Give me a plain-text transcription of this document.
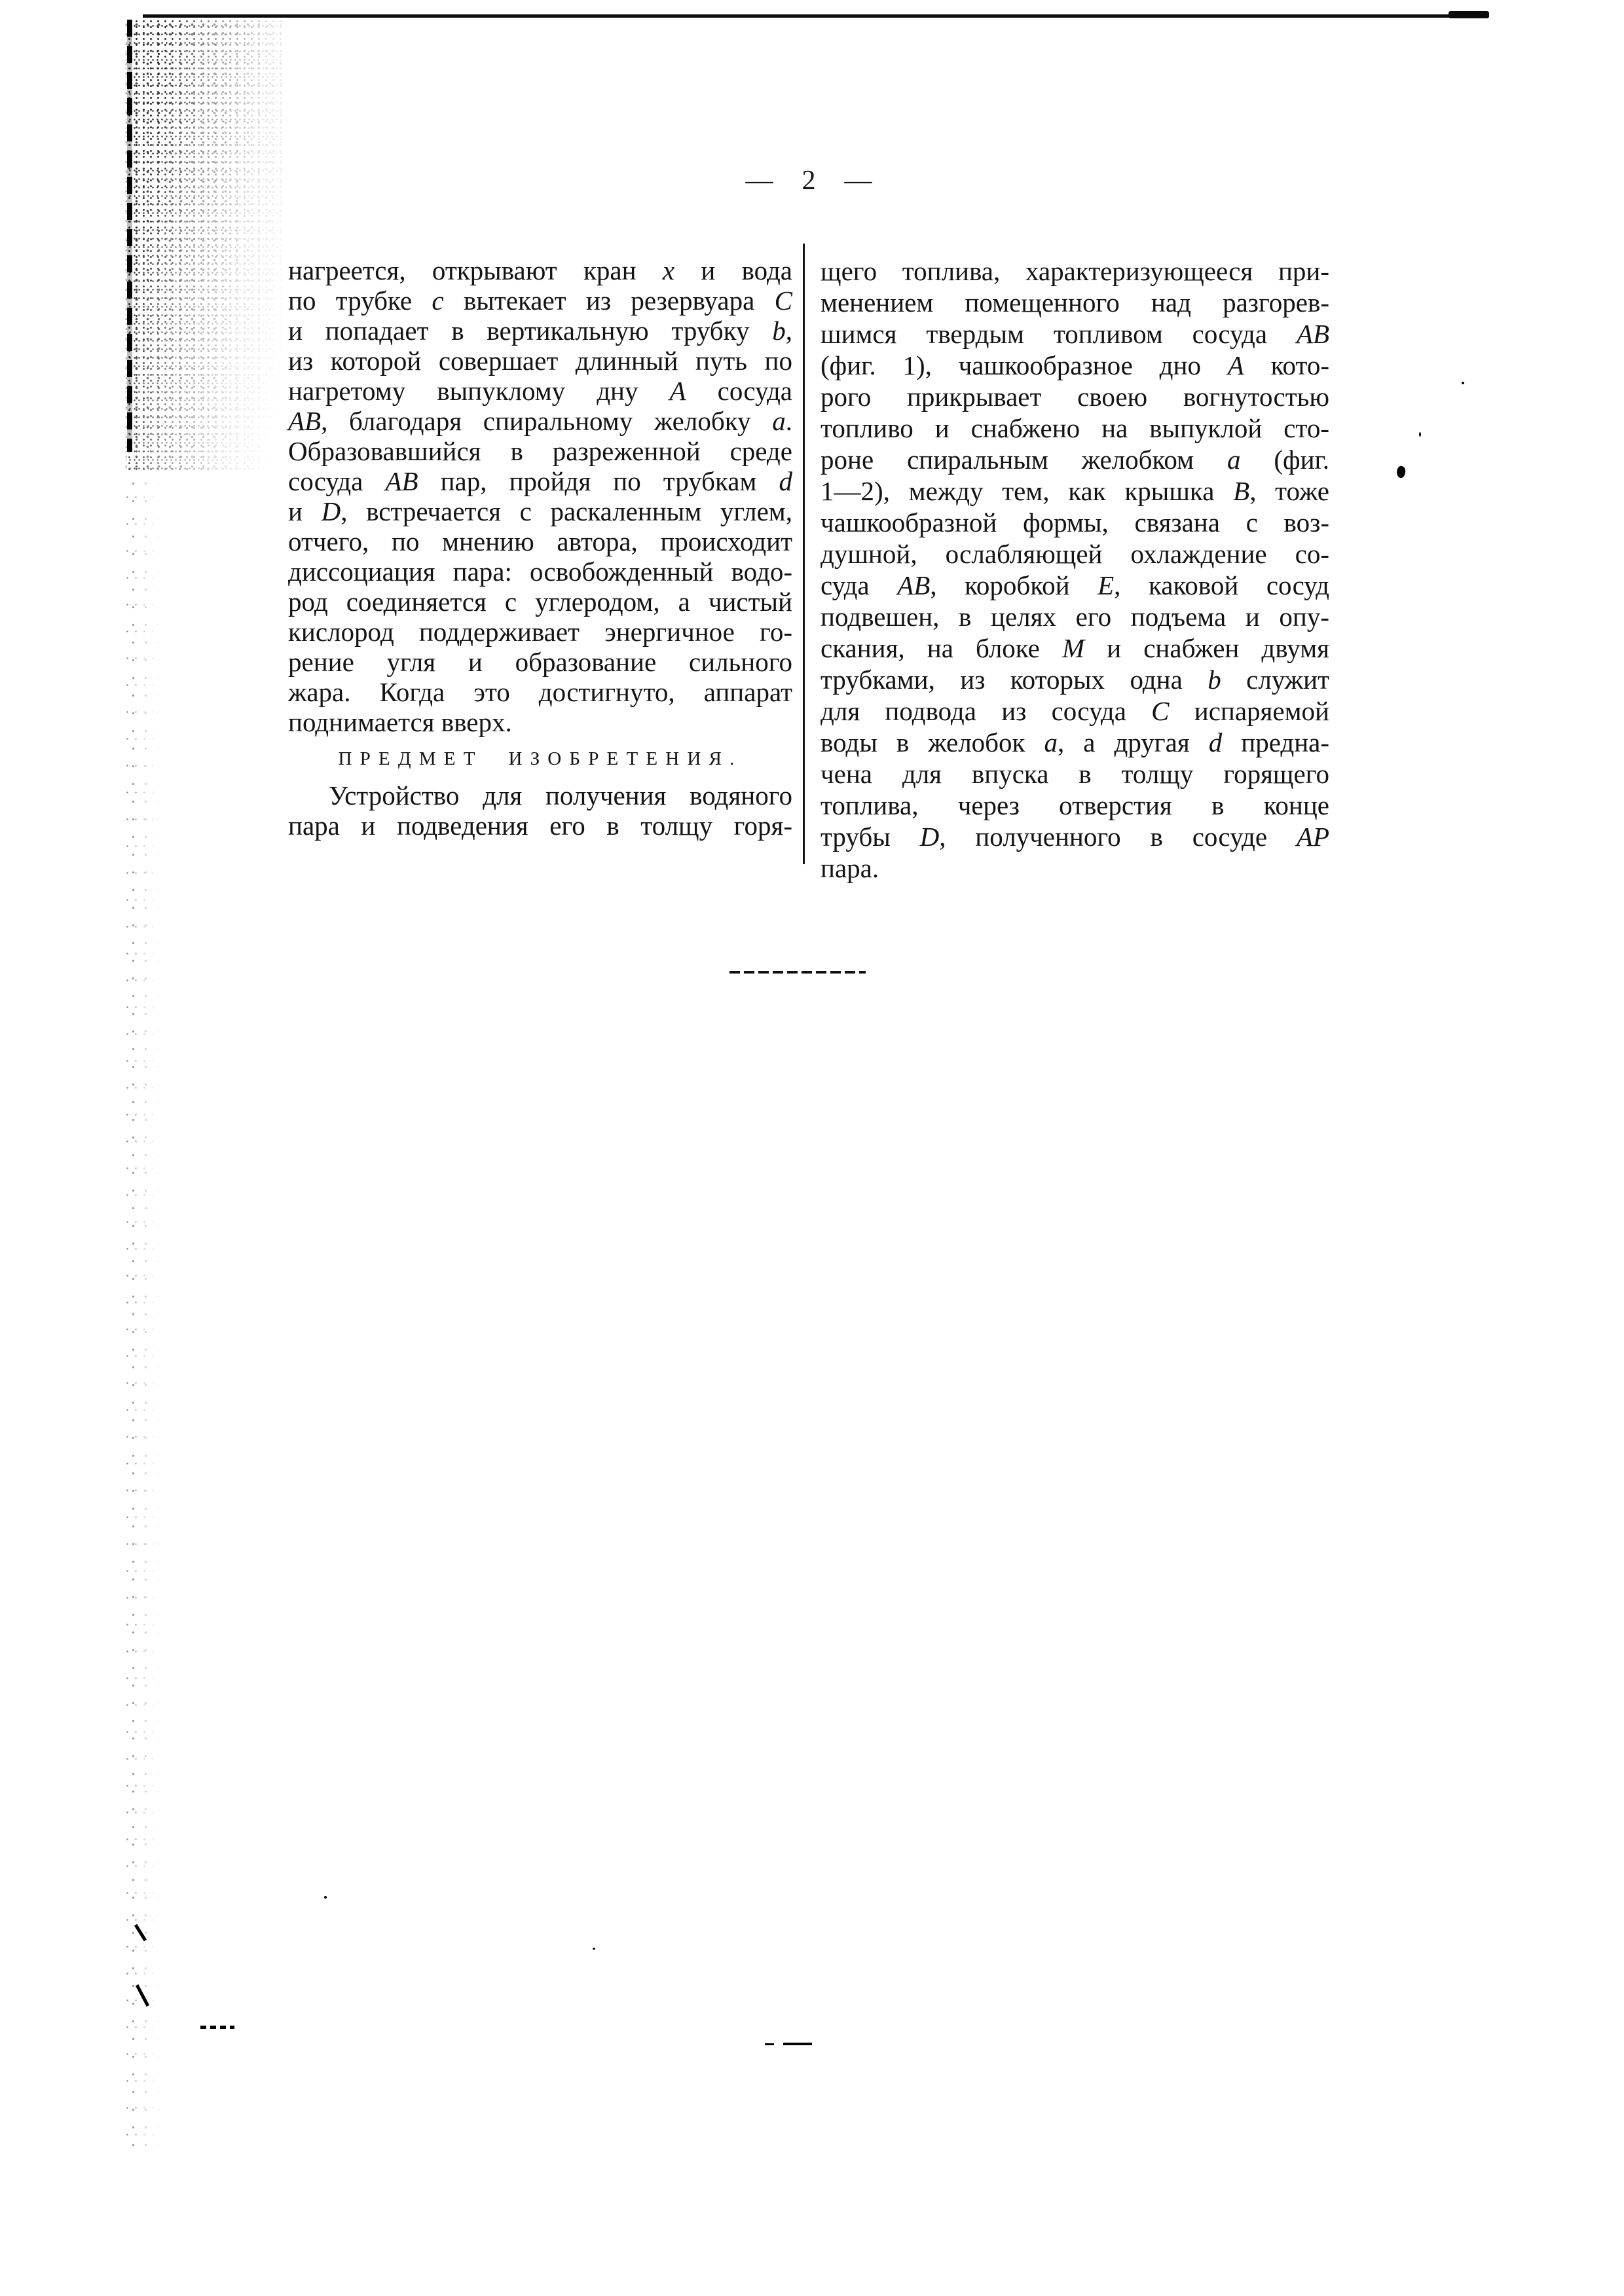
— 2 —
нагреется, открывают кран x и вода
по трубке c вытекает из резервуара C
и попадает в вертикальную трубку b,
из которой совершает длинный путь по
нагретому выпуклому дну A сосуда
AB, благодаря спиральному желобку a.
Образовавшийся в разреженной среде
сосуда AB пар, пройдя по трубкам d
и D, встречается с раскаленным углем,
отчего, по мнению автора, происходит
диссоциация пара: освобожденный водо-
род соединяется с углеродом, а чистый
кислород поддерживает энергичное го-
рение угля и образование сильного
жара. Когда это достигнуто, аппарат
поднимается вверх.
ПРЕДМЕТ  ИЗОБРЕТЕНИЯ.
Устройство для получения водяного
пара и подведения его в толщу горя-
щего топлива, характеризующееся при-
менением помещенного над разгорев-
шимся твердым топливом сосуда AB
(фиг. 1), чашкообразное дно A кото-
рого прикрывает своею вогнутостью
топливо и снабжено на выпуклой сто-
роне спиральным желобком a (фиг.
1—2), между тем, как крышка B, тоже
чашкообразной формы, связана с воз-
душной, ослабляющей охлаждение со-
суда AB, коробкой E, каковой сосуд
подвешен, в целях его подъема и опу-
скания, на блоке M и снабжен двумя
трубками, из которых одна b служит
для подвода из сосуда C испаряемой
воды в желобок a, а другая d предна-
чена для впуска в толщу горящего
топлива, через отверстия в конце
трубы D, полученного в сосуде AP
пара.
